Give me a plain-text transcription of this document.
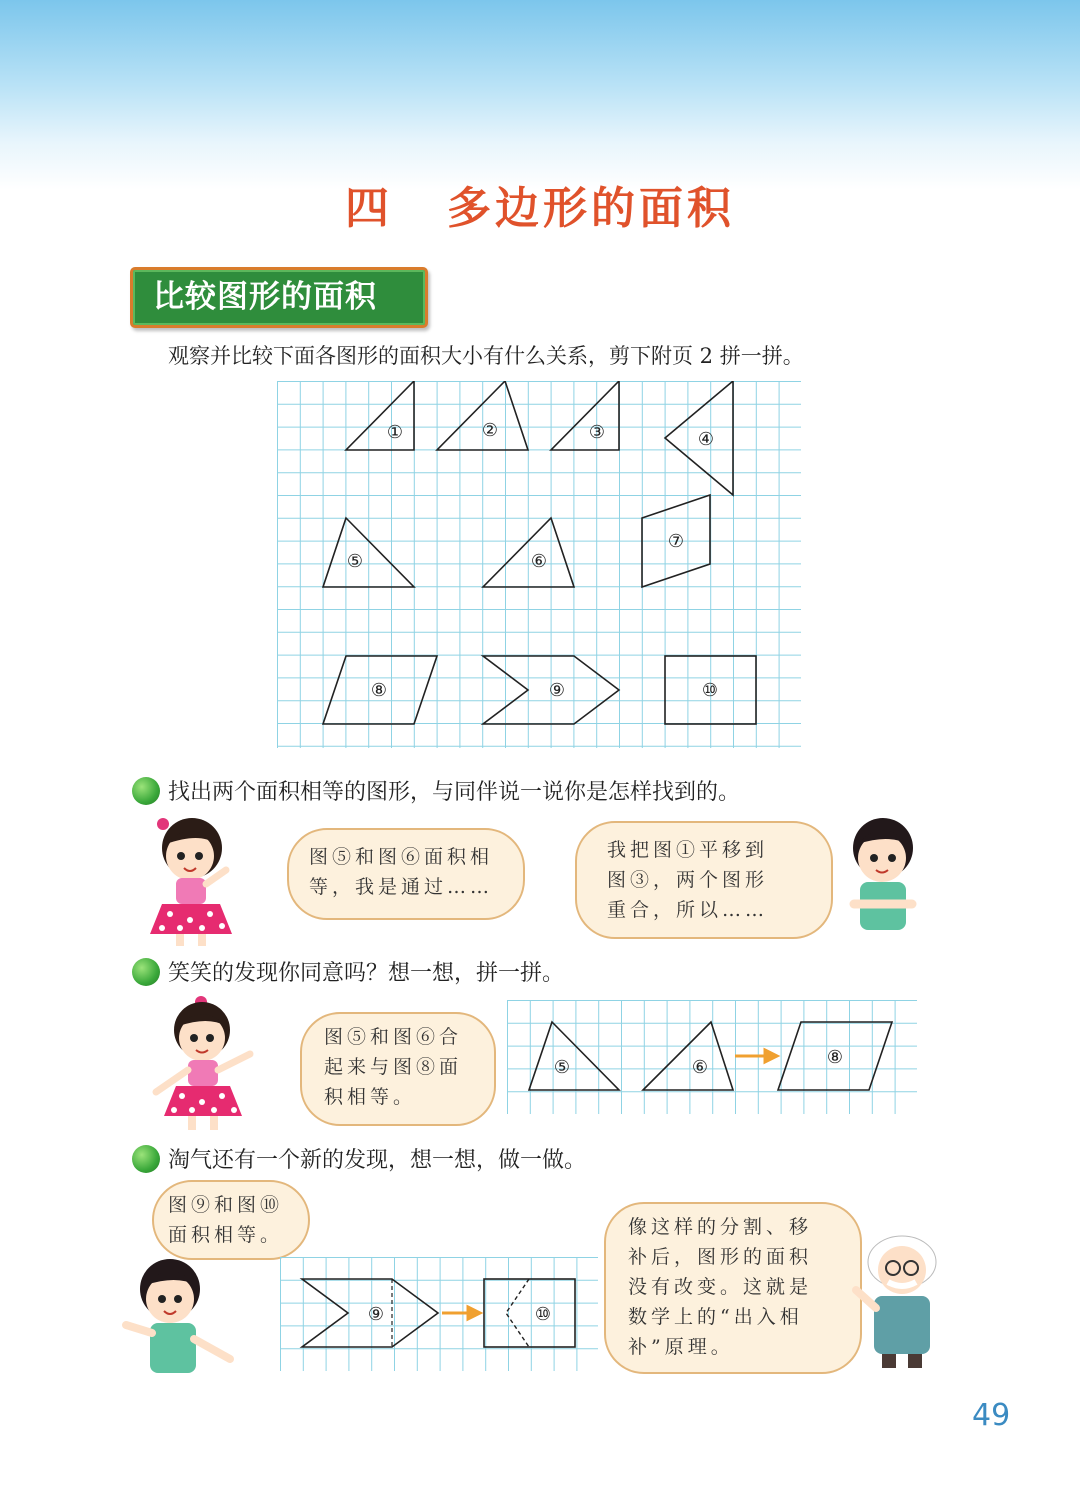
四 多边形的面积
比较图形的面积
观察并比较下面各图形的面积大小有什么关系，剪下附页 2 拼一拼。
①	②	③	④
⑤	⑥
⑦
⑧	⑨	⑩
找出两个面积相等的图形，与同伴说一说你是怎样找到的。
图⑤和图⑥面积相
等，我是通过……
我把图①平移到
图③，两个图形
重合，所以……
笑笑的发现你同意吗？想一想，拼一拼。
图⑤和图⑥合
起来与图⑧面
积相等。
⑤	⑥	⑧
淘气还有一个新的发现，想一想，做一做。
图⑨和图⑩
面积相等。
⑨	⑩
像这样的分割、移
补后，图形的面积
没有改变。这就是
数学上的“出入相
补”原理。
49
